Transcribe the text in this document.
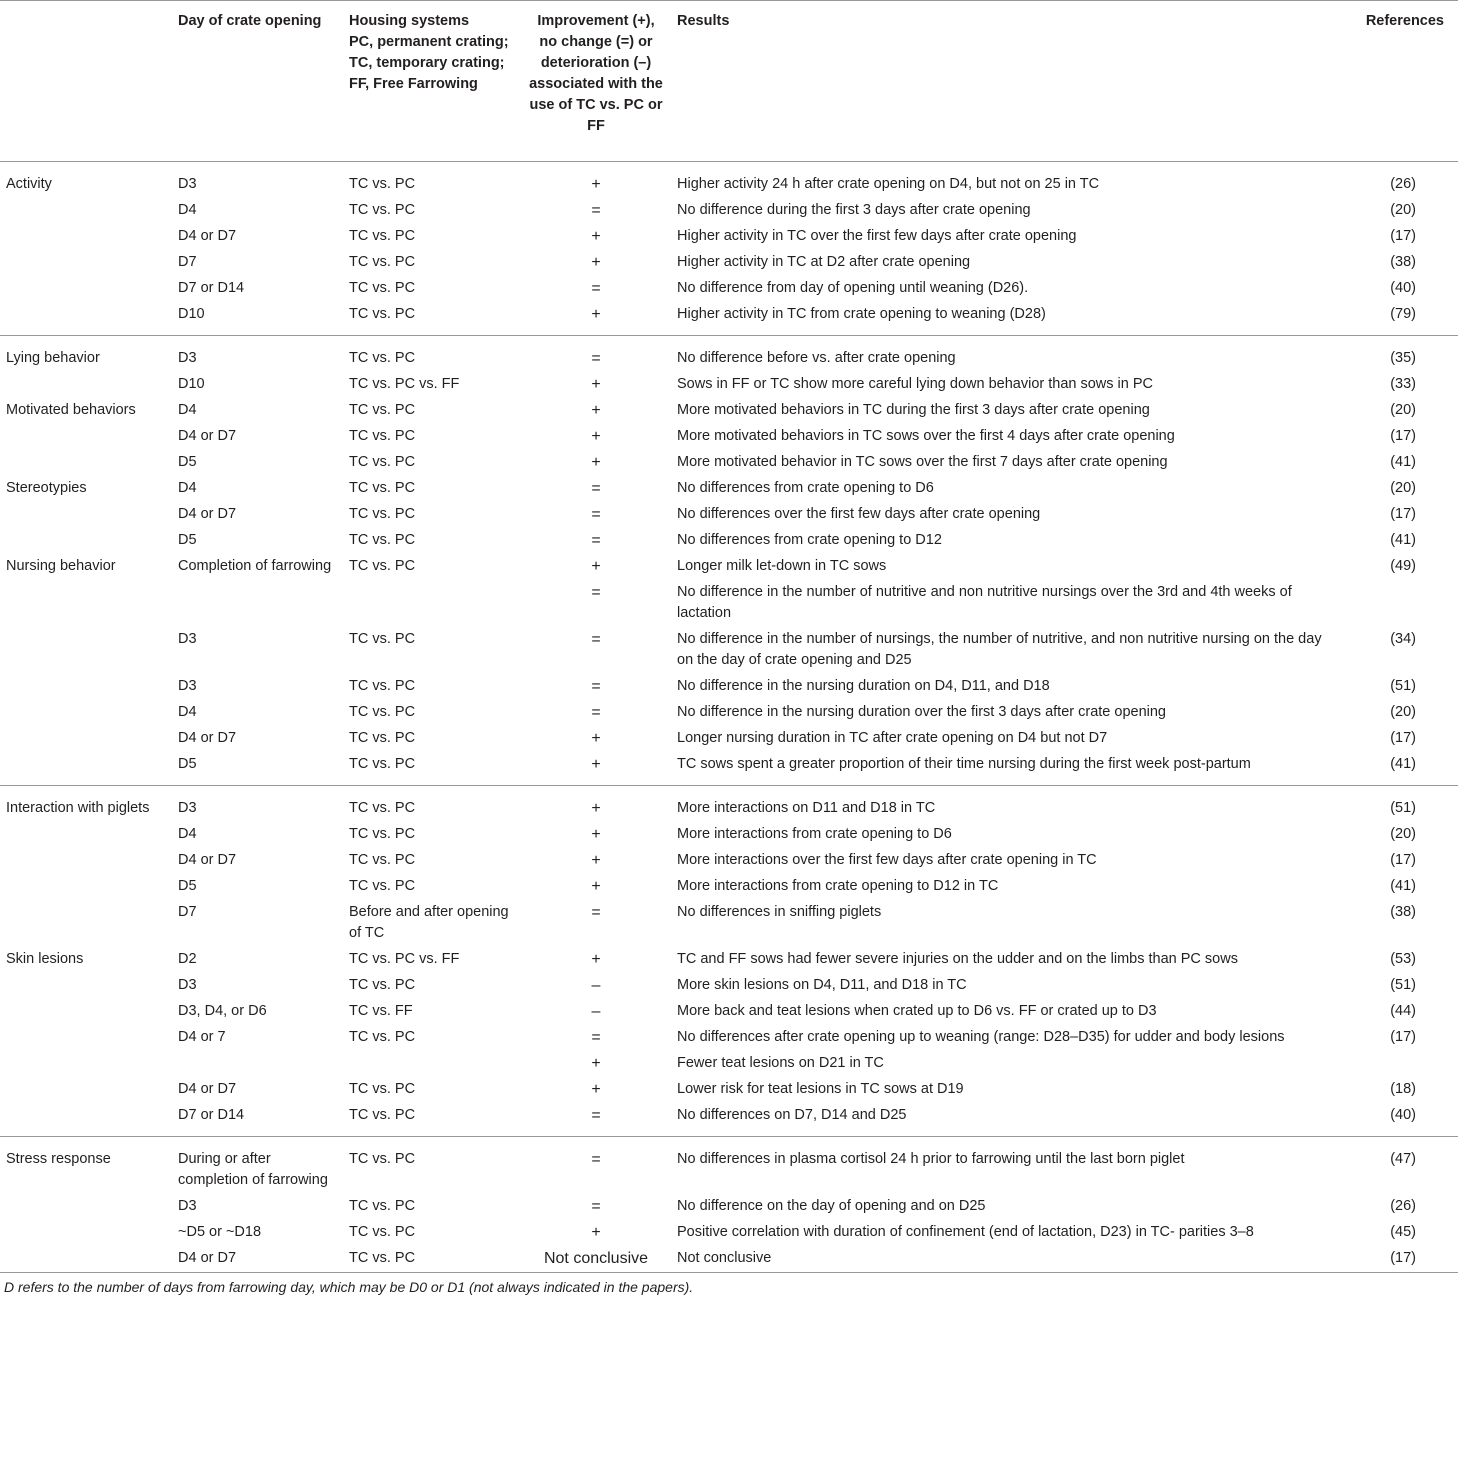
	Day of crate opening	Housing systems
PC, permanent crating; TC, temporary crating; FF, Free Farrowing	Improvement (+), no change (=) or deterioration (–) associated with the use of TC vs. PC or FF	Results	References
Activity	D3	TC vs. PC	+	Higher activity 24 h after crate opening on D4, but not on 25 in TC	(26)
	D4	TC vs. PC	=	No difference during the first 3 days after crate opening	(20)
	D4 or D7	TC vs. PC	+	Higher activity in TC over the first few days after crate opening	(17)
	D7	TC vs. PC	+	Higher activity in TC at D2 after crate opening	(38)
	D7 or D14	TC vs. PC	=	No difference from day of opening until weaning (D26).	(40)
	D10	TC vs. PC	+	Higher activity in TC from crate opening to weaning (D28)	(79)
Lying behavior	D3	TC vs. PC	=	No difference before vs. after crate opening	(35)
	D10	TC vs. PC vs. FF	+	Sows in FF or TC show more careful lying down behavior than sows in PC	(33)
Motivated behaviors	D4	TC vs. PC	+	More motivated behaviors in TC during the first 3 days after crate opening	(20)
	D4 or D7	TC vs. PC	+	More motivated behaviors in TC sows over the first 4 days after crate opening	(17)
	D5	TC vs. PC	+	More motivated behavior in TC sows over the first 7 days after crate opening	(41)
Stereotypies	D4	TC vs. PC	=	No differences from crate opening to D6	(20)
	D4 or D7	TC vs. PC	=	No differences over the first few days after crate opening	(17)
	D5	TC vs. PC	=	No differences from crate opening to D12	(41)
Nursing behavior	Completion of farrowing	TC vs. PC	+	Longer milk let-down in TC sows	(49)
			=	No difference in the number of nutritive and non nutritive nursings over the 3rd and 4th weeks of lactation	
	D3	TC vs. PC	=	No difference in the number of nursings, the number of nutritive, and non nutritive nursing on the day on the day of crate opening and D25	(34)
	D3	TC vs. PC	=	No difference in the nursing duration on D4, D11, and D18	(51)
	D4	TC vs. PC	=	No difference in the nursing duration over the first 3 days after crate opening	(20)
	D4 or D7	TC vs. PC	+	Longer nursing duration in TC after crate opening on D4 but not D7	(17)
	D5	TC vs. PC	+	TC sows spent a greater proportion of their time nursing during the first week post-partum	(41)
Interaction with piglets	D3	TC vs. PC	+	More interactions on D11 and D18 in TC	(51)
	D4	TC vs. PC	+	More interactions from crate opening to D6	(20)
	D4 or D7	TC vs. PC	+	More interactions over the first few days after crate opening in TC	(17)
	D5	TC vs. PC	+	More interactions from crate opening to D12 in TC	(41)
	D7	Before and after opening of TC	=	No differences in sniffing piglets	(38)
Skin lesions	D2	TC vs. PC vs. FF	+	TC and FF sows had fewer severe injuries on the udder and on the limbs than PC sows	(53)
	D3	TC vs. PC	–	More skin lesions on D4, D11, and D18 in TC	(51)
	D3, D4, or D6	TC vs. FF	–	More back and teat lesions when crated up to D6 vs. FF or crated up to D3	(44)
	D4 or 7	TC vs. PC	=	No differences after crate opening up to weaning (range: D28–D35) for udder and body lesions	(17)
			+	Fewer teat lesions on D21 in TC	
	D4 or D7	TC vs. PC	+	Lower risk for teat lesions in TC sows at D19	(18)
	D7 or D14	TC vs. PC	=	No differences on D7, D14 and D25	(40)
Stress response	During or after completion of farrowing	TC vs. PC	=	No differences in plasma cortisol 24 h prior to farrowing until the last born piglet	(47)
	D3	TC vs. PC	=	No difference on the day of opening and on D25	(26)
	~D5 or ~D18	TC vs. PC	+	Positive correlation with duration of confinement (end of lactation, D23) in TC- parities 3–8	(45)
	D4 or D7	TC vs. PC	Not conclusive	Not conclusive	(17)
D refers to the number of days from farrowing day, which may be D0 or D1 (not always indicated in the papers).
